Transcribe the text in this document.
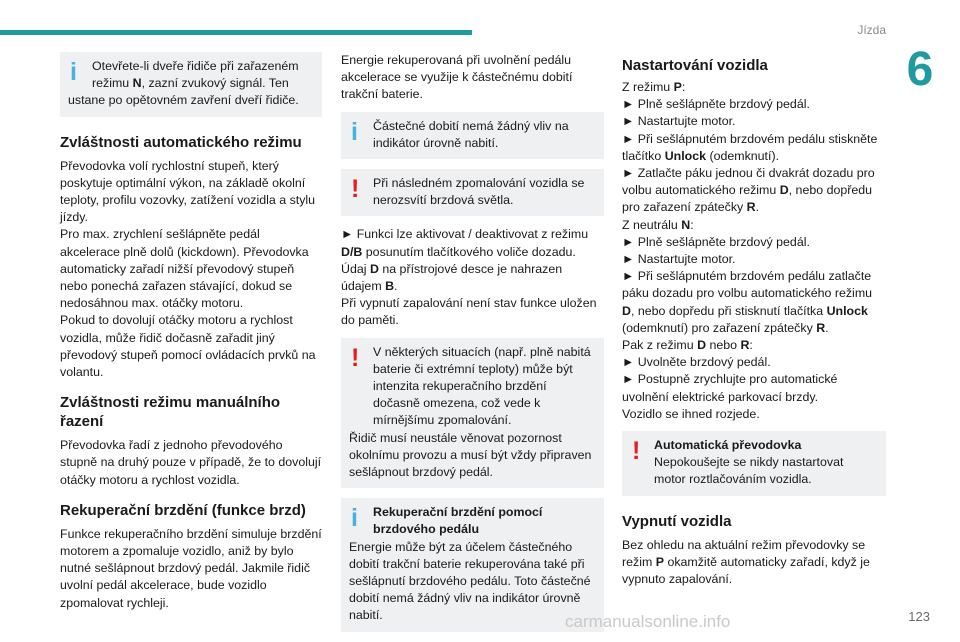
Jízda
6
i	Otevřete-li dveře řidiče při zařazeném režimu N, zazní zvukový signál. Ten

ustane po opětovném zavření dveří řidiče.

Zvláštnosti automatického režimu

Převodovka volí rychlostní stupeň, který poskytuje optimální výkon, na základě okolní teploty, profilu vozovky, zatížení vozidla a stylu jízdy.

Pro max. zrychlení sešlápněte pedál akcelerace plně dolů (kickdown). Převodovka automaticky zařadí nižší převodový stupeň nebo ponechá zařazen stávající, dokud se nedosáhnou max. otáčky motoru.

Pokud to dovolují otáčky motoru a rychlost vozidla, může řidič dočasně zařadit jiný převodový stupeň pomocí ovládacích prvků na volantu.

Zvláštnosti režimu manuálního řazení

Převodovka řadí z jednoho převodového stupně na druhý pouze v případě, že to dovolují otáčky motoru a rychlost vozidla.

Rekuperační brzdění (funkce brzd)

Funkce rekuperačního brzdění simuluje brzdění motorem a zpomaluje vozidlo, aniž by bylo nutné sešlápnout brzdový pedál. Jakmile řidič uvolní pedál akcelerace, bude vozidlo zpomalovat rychleji.

Energie rekuperovaná při uvolnění pedálu akcelerace se využije k částečnému dobití trakční baterie.

i	Částečné dobití nemá žádný vliv na indikátor úrovně nabití.

!	Při následném zpomalování vozidla se nerozsvítí brzdová světla.

► Funkci lze aktivovat / deaktivovat z režimu D/B posunutím tlačítkového voliče dozadu.

Údaj D na přístrojové desce je nahrazen údajem B.

Při vypnutí zapalování není stav funkce uložen do paměti.

!	V některých situacích (např. plně nabitá baterie či extrémní teploty) může být intenzita rekuperačního brzdění dočasně omezena, což vede k mírnějšímu zpomalování.

Řidič musí neustále věnovat pozornost okolnímu provozu a musí být vždy připraven sešlápnout brzdový pedál.

i	Rekuperační brzdění pomocí brzdového pedálu

Energie může být za účelem částečného dobití trakční baterie rekuperována také při sešlápnutí brzdového pedálu. Toto částečné dobití nemá žádný vliv na indikátor úrovně nabití.

Nastartování vozidla

Z režimu P:

► Plně sešlápněte brzdový pedál.

► Nastartujte motor.

► Při sešlápnutém brzdovém pedálu stiskněte tlačítko Unlock (odemknutí).

► Zatlačte páku jednou či dvakrát dozadu pro volbu automatického režimu D, nebo dopředu pro zařazení zpátečky R.

Z neutrálu N:

► Plně sešlápněte brzdový pedál.

► Nastartujte motor.

► Při sešlápnutém brzdovém pedálu zatlačte páku dozadu pro volbu automatického režimu D, nebo dopředu při stisknutí tlačítka Unlock (odemknutí) pro zařazení zpátečky R.

Pak z režimu D nebo R:

► Uvolněte brzdový pedál.

► Postupně zrychlujte pro automatické uvolnění elektrické parkovací brzdy.

Vozidlo se ihned rozjede.

!	Automatická převodovka

Nepokoušejte se nikdy nastartovat motor roztlačováním vozidla.

Vypnutí vozidla

Bez ohledu na aktuální režim převodovky se režim P okamžitě automaticky zařadí, když je vypnuto zapalování.

carmanualsonline.info	123
